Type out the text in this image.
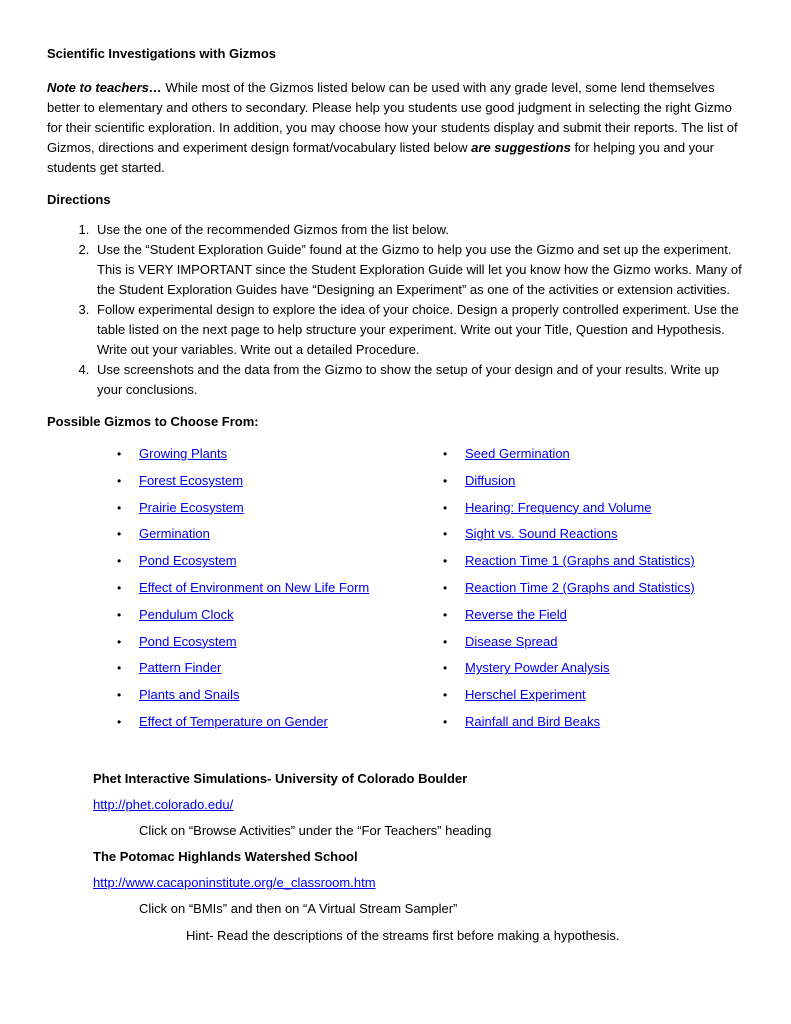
Scientific Investigations with Gizmos
Note to teachers… While most of the Gizmos listed below can be used with any grade level, some lend themselves better to elementary and others to secondary. Please help you students use good judgment in selecting the right Gizmo for their scientific exploration. In addition, you may choose how your students display and submit their reports. The list of Gizmos, directions and experiment design format/vocabulary listed below are suggestions for helping you and your students get started.
Directions
1. Use the one of the recommended Gizmos from the list below.
2. Use the “Student Exploration Guide” found at the Gizmo to help you use the Gizmo and set up the experiment. This is VERY IMPORTANT since the Student Exploration Guide will let you know how the Gizmo works. Many of the Student Exploration Guides have “Designing an Experiment” as one of the activities or extension activities.
3. Follow experimental design to explore the idea of your choice. Design a properly controlled experiment. Use the table listed on the next page to help structure your experiment. Write out your Title, Question and Hypothesis. Write out your variables. Write out a detailed Procedure.
4. Use screenshots and the data from the Gizmo to show the setup of your design and of your results. Write up your conclusions.
Possible Gizmos to Choose From:
• Growing Plants
• Forest Ecosystem
• Prairie Ecosystem
• Germination
• Pond Ecosystem
• Effect of Environment on New Life Form
• Pendulum Clock
• Pond Ecosystem
• Pattern Finder
• Plants and Snails
• Effect of Temperature on Gender
• Seed Germination
• Diffusion
• Hearing: Frequency and Volume
• Sight vs. Sound Reactions
• Reaction Time 1 (Graphs and Statistics)
• Reaction Time 2 (Graphs and Statistics)
• Reverse the Field
• Disease Spread
• Mystery Powder Analysis
• Herschel Experiment
• Rainfall and Bird Beaks
Phet Interactive Simulations- University of Colorado Boulder
http://phet.colorado.edu/
Click on “Browse Activities” under the “For Teachers” heading
The Potomac Highlands Watershed School
http://www.cacaponinstitute.org/e_classroom.htm
Click on “BMIs” and then on “A Virtual Stream Sampler”
Hint- Read the descriptions of the streams first before making a hypothesis.
